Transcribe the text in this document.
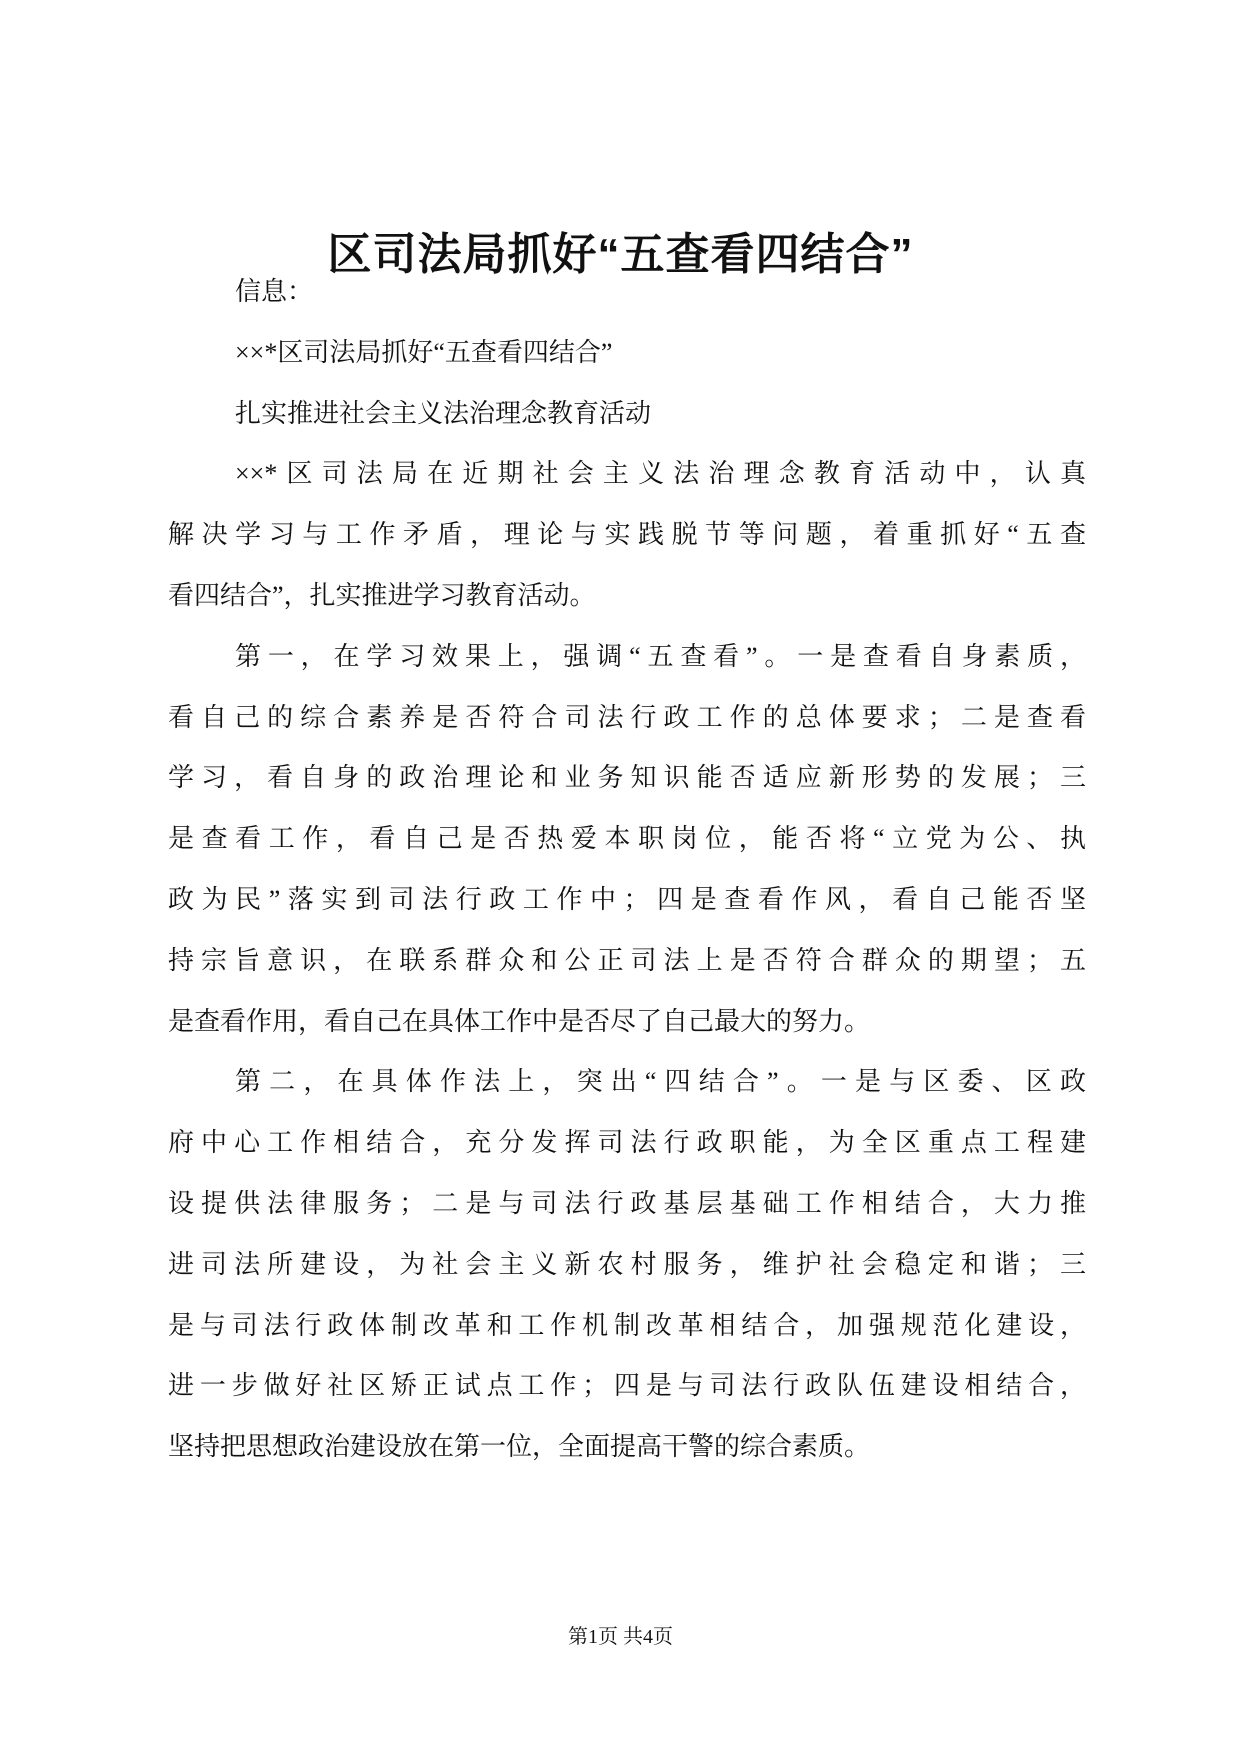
区司法局抓好“五查看四结合”
信息：
××*区司法局抓好“五查看四结合”
扎实推进社会主义法治理念教育活动
××*区司法局在近期社会主义法治理念教育活动中，认真
解决学习与工作矛盾，理论与实践脱节等问题，着重抓好“五查
看四结合”，扎实推进学习教育活动。
第一，在学习效果上，强调“五查看”。一是查看自身素质，
看自己的综合素养是否符合司法行政工作的总体要求；二是查看
学习，看自身的政治理论和业务知识能否适应新形势的发展；三
是查看工作，看自己是否热爱本职岗位，能否将“立党为公、执
政为民”落实到司法行政工作中；四是查看作风，看自己能否坚
持宗旨意识，在联系群众和公正司法上是否符合群众的期望；五
是查看作用，看自己在具体工作中是否尽了自己最大的努力。
第二，在具体作法上，突出“四结合”。一是与区委、区政
府中心工作相结合，充分发挥司法行政职能，为全区重点工程建
设提供法律服务；二是与司法行政基层基础工作相结合，大力推
进司法所建设，为社会主义新农村服务，维护社会稳定和谐；三
是与司法行政体制改革和工作机制改革相结合，加强规范化建设，
进一步做好社区矫正试点工作；四是与司法行政队伍建设相结合，
坚持把思想政治建设放在第一位，全面提高干警的综合素质。
第1页 共4页
